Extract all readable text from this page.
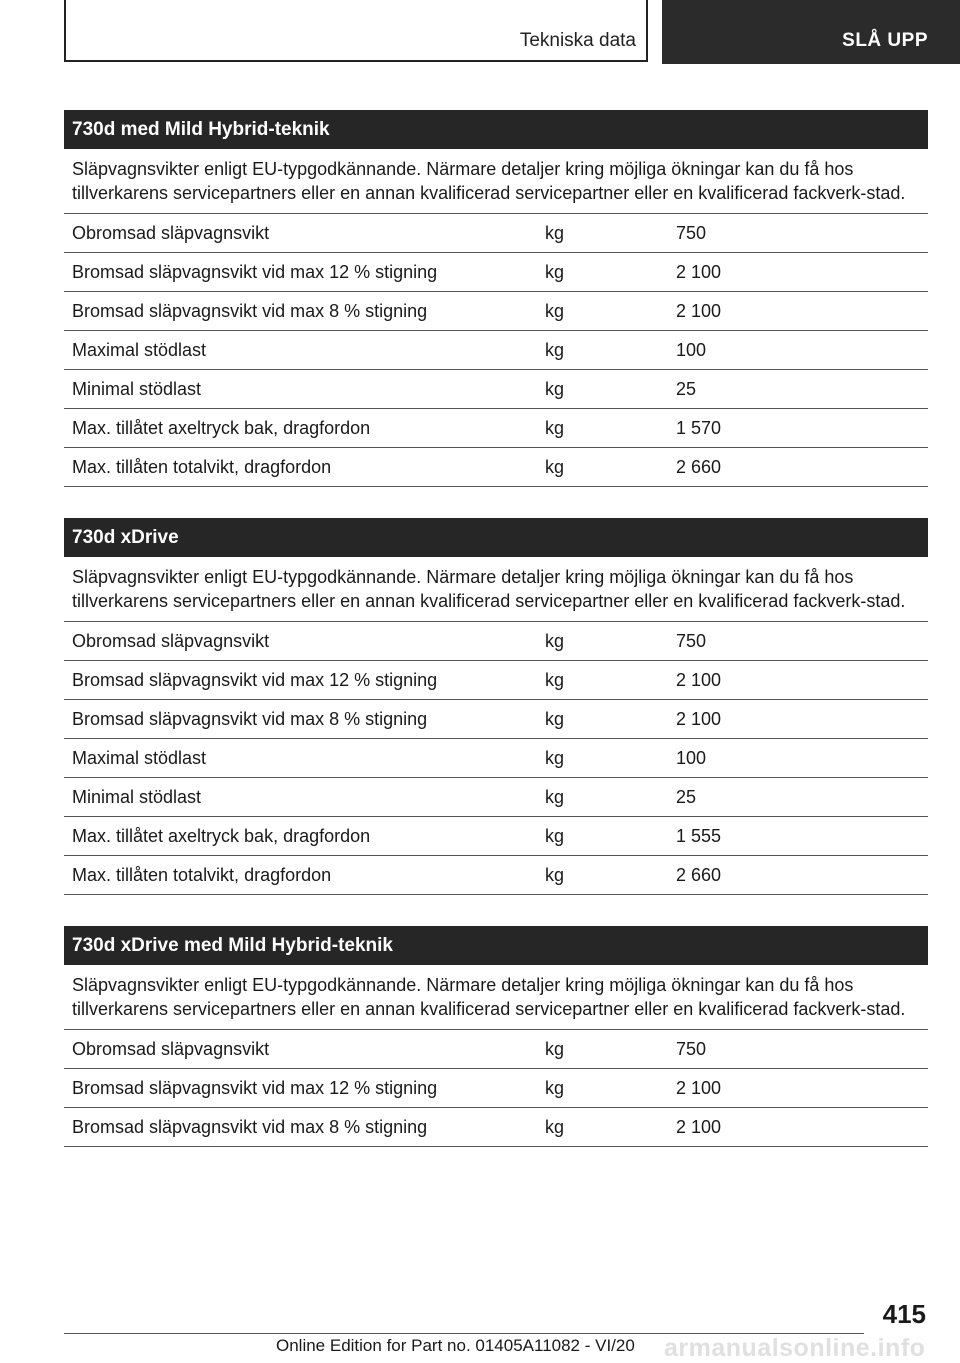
Tekniska data	SLÅ UPP
730d med Mild Hybrid-teknik
Släpvagnsvikter enligt EU-typgodkännande. Närmare detaljer kring möjliga ökningar kan du få hos tillverkarens servicepartners eller en annan kvalificerad servicepartner eller en kvalificerad fackverk-stad.
Obromsad släpvagnsvikt	kg	750
Bromsad släpvagnsvikt vid max 12 % stigning	kg	2 100
Bromsad släpvagnsvikt vid max 8 % stigning	kg	2 100
Maximal stödlast	kg	100
Minimal stödlast	kg	25
Max. tillåtet axeltryck bak, dragfordon	kg	1 570
Max. tillåten totalvikt, dragfordon	kg	2 660
730d xDrive
Släpvagnsvikter enligt EU-typgodkännande. Närmare detaljer kring möjliga ökningar kan du få hos tillverkarens servicepartners eller en annan kvalificerad servicepartner eller en kvalificerad fackverk-stad.
Obromsad släpvagnsvikt	kg	750
Bromsad släpvagnsvikt vid max 12 % stigning	kg	2 100
Bromsad släpvagnsvikt vid max 8 % stigning	kg	2 100
Maximal stödlast	kg	100
Minimal stödlast	kg	25
Max. tillåtet axeltryck bak, dragfordon	kg	1 555
Max. tillåten totalvikt, dragfordon	kg	2 660
730d xDrive med Mild Hybrid-teknik
Släpvagnsvikter enligt EU-typgodkännande. Närmare detaljer kring möjliga ökningar kan du få hos tillverkarens servicepartners eller en annan kvalificerad servicepartner eller en kvalificerad fackverk-stad.
Obromsad släpvagnsvikt	kg	750
Bromsad släpvagnsvikt vid max 12 % stigning	kg	2 100
Bromsad släpvagnsvikt vid max 8 % stigning	kg	2 100
415
Online Edition for Part no. 01405A11082 - VI/20 armanualsonline.info
